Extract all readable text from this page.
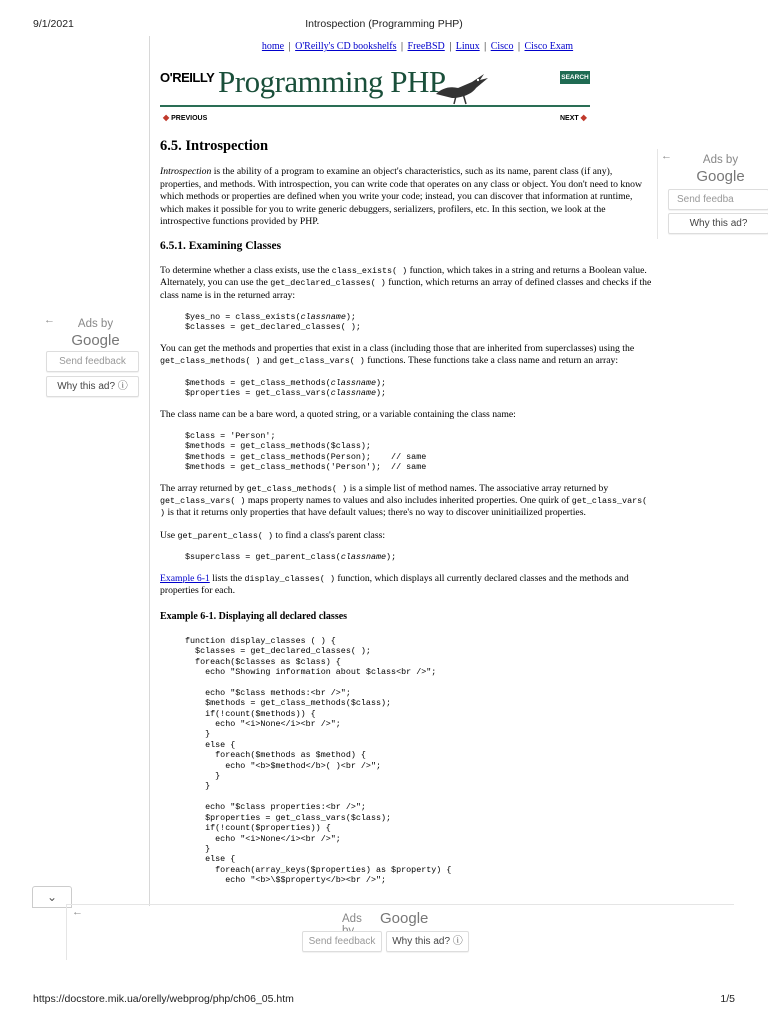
9/1/2021	Introspection (Programming PHP)
home | O'Reilly's CD bookshelfs | FreeBSD | Linux | Cisco | Cisco Exam
O'REILLY Programming PHP	SEARCH
◆ PREVIOUS	NEXT ◆
6.5. Introspection

Introspection is the ability of a program to examine an object's characteristics, such as its name, parent class (if any), properties, and methods. With introspection, you can write code that operates on any class or object. You don't need to know which methods or properties are defined when you write your code; instead, you can discover that information at runtime, which makes it possible for you to write generic debuggers, serializers, profilers, etc. In this section, we look at the introspective functions provided by PHP.

6.5.1. Examining Classes

To determine whether a class exists, use the class_exists( ) function, which takes in a string and returns a Boolean value. Alternately, you can use the get_declared_classes( ) function, which returns an array of defined classes and checks if the class name is in the returned array:

$yes_no = class_exists(classname);
$classes = get_declared_classes( );

You can get the methods and properties that exist in a class (including those that are inherited from superclasses) using the get_class_methods( ) and get_class_vars( ) functions. These functions take a class name and return an array:

$methods = get_class_methods(classname);
$properties = get_class_vars(classname);

The class name can be a bare word, a quoted string, or a variable containing the class name:

$class = 'Person';
$methods = get_class_methods($class);
$methods = get_class_methods(Person);    // same
$methods = get_class_methods('Person');  // same

The array returned by get_class_methods( ) is a simple list of method names. The associative array returned by get_class_vars( ) maps property names to values and also includes inherited properties. One quirk of get_class_vars( ) is that it returns only properties that have default values; there's no way to discover uninitiailized properties.

Use get_parent_class( ) to find a class's parent class:

$superclass = get_parent_class(classname);

Example 6-1 lists the display_classes( ) function, which displays all currently declared classes and the methods and properties for each.

Example 6-1. Displaying all declared classes
function display_classes ( ) {
$classes = get_declared_classes( );
foreach($classes as $class) {
echo "Showing information about $class<br />";

echo "$class methods:<br />";
$methods = get_class_methods($class);
if(!count($methods)) {
echo "<i>None</i><br />";
}
else {
foreach($methods as $method) {
echo "<b>$method</b>( )<br />";
}
}

echo "$class properties:<br />";
$properties = get_class_vars($class);
if(!count($properties)) {
echo "<i>None</i><br />";
}
else {
foreach(array_keys($properties) as $property) {
echo "<b>\$$property</b><br />";
←	Ads by
Google
Send feedba
Why this ad?
←	Ads by
Google
Send feedback
Why this ad? ⓘ
⌄
←
Ads	Google
Send feedback	Why this ad? ⓘ
https://docstore.mik.ua/orelly/webprog/php/ch06_05.htm	1/5
